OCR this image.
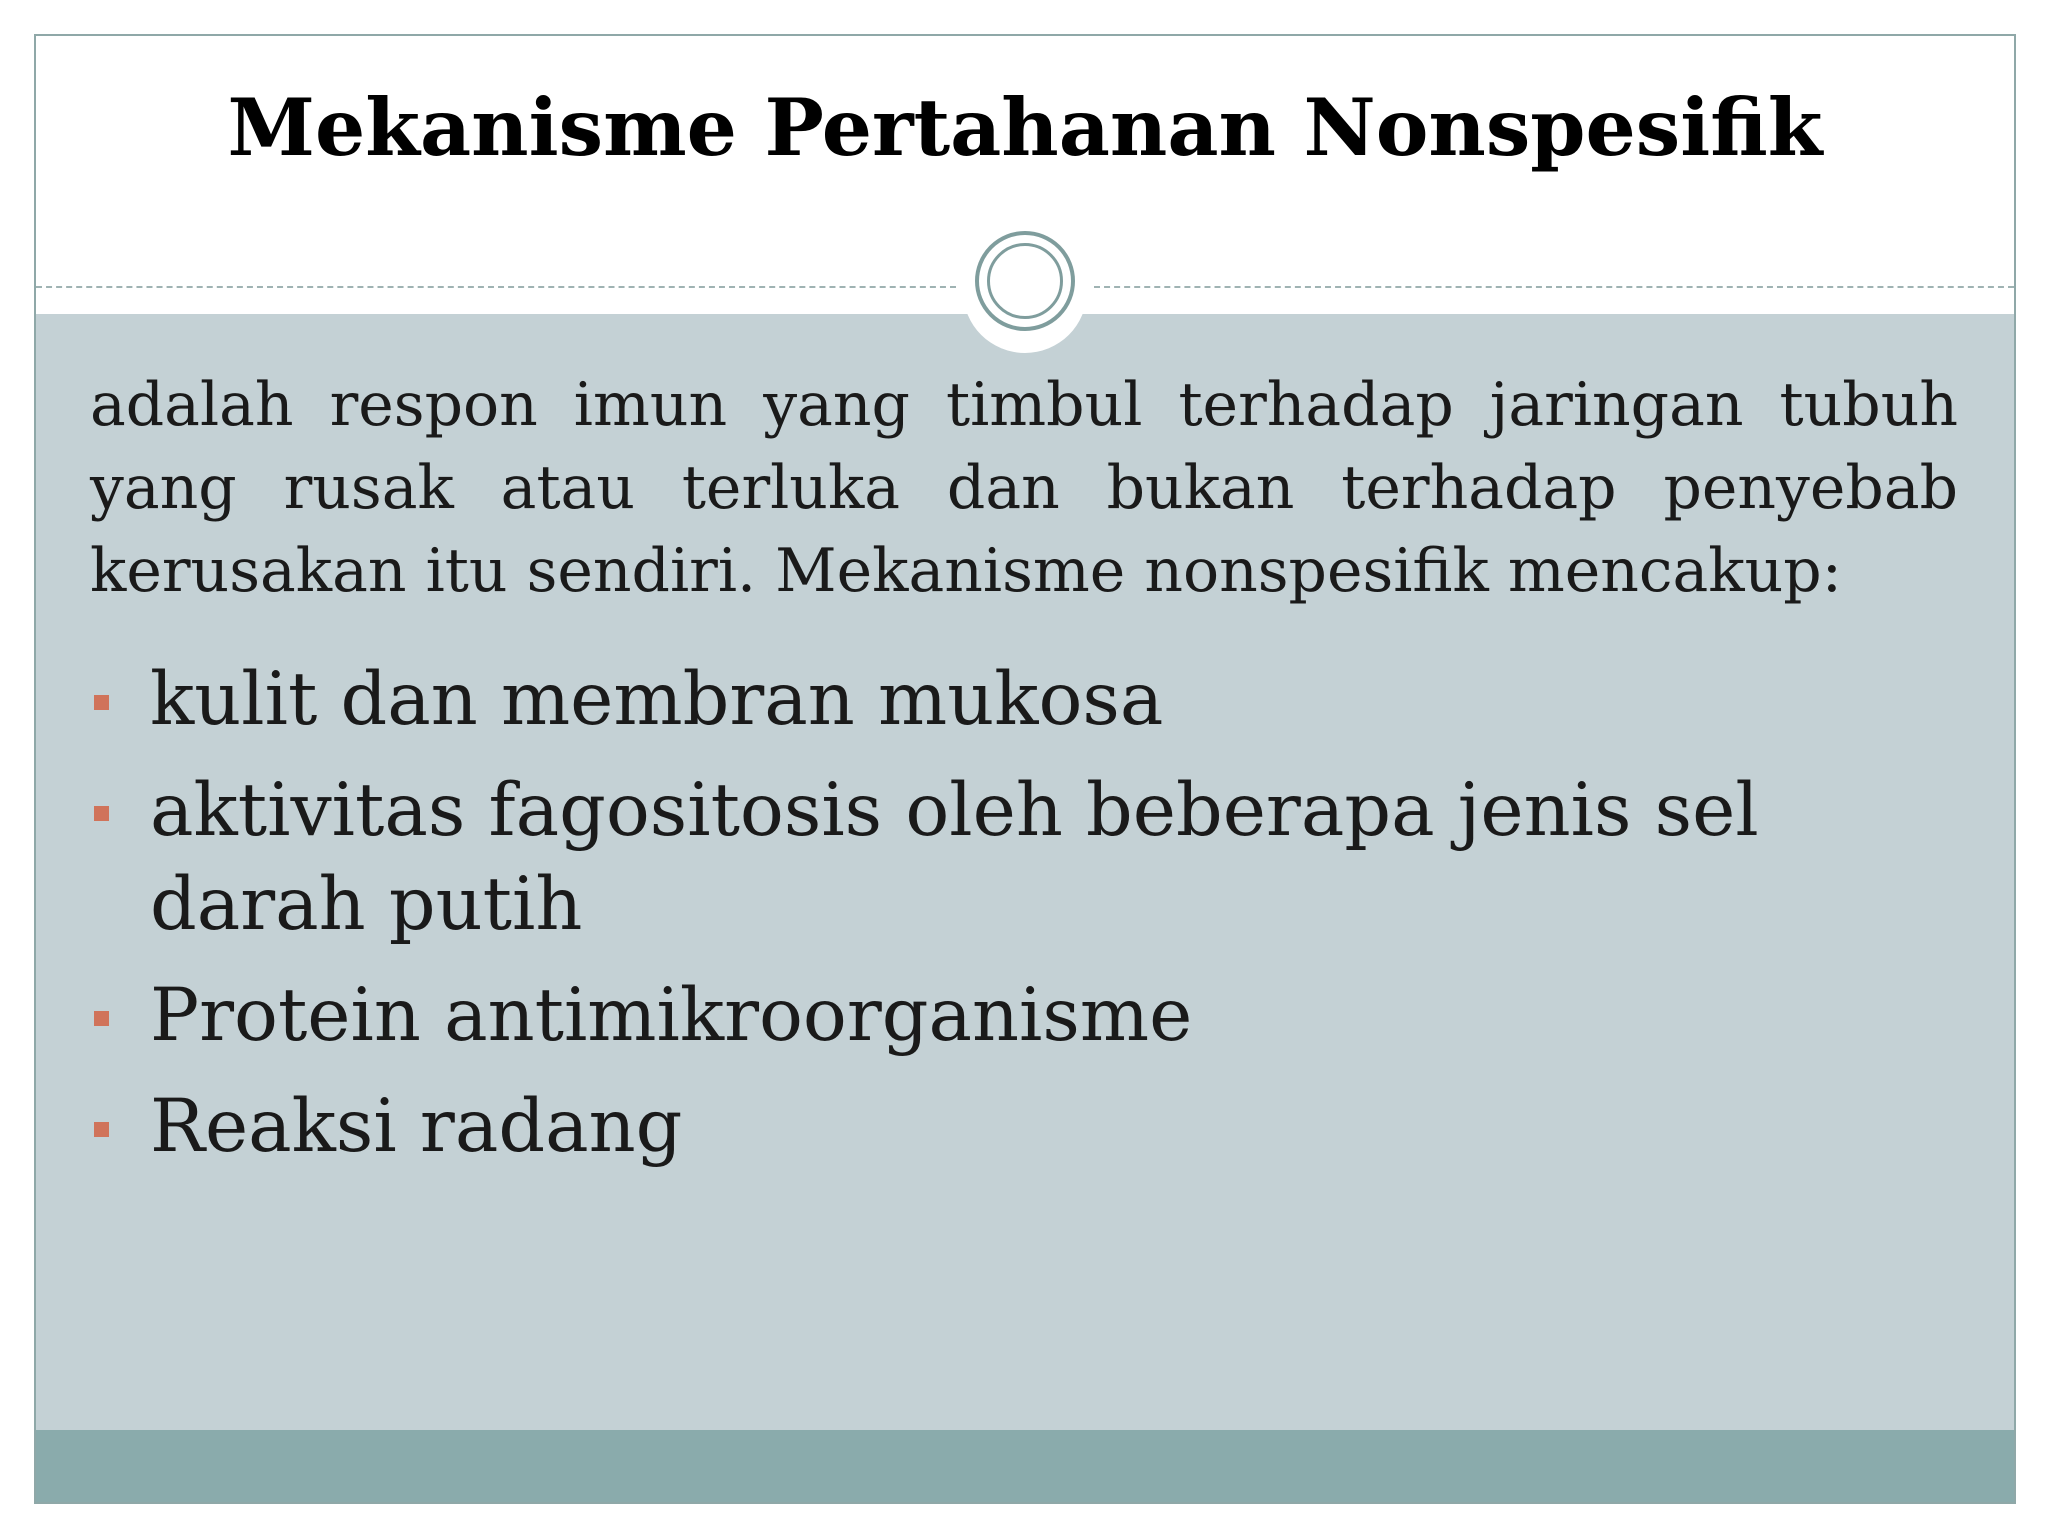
Mekanisme Pertahanan Nonspesifik
adalah respon imun yang timbul terhadap jaringan tubuh yang rusak atau terluka dan bukan terhadap penyebab kerusakan itu sendiri. Mekanisme nonspesifik mencakup:
kulit dan membran mukosa
aktivitas fagositosis oleh beberapa jenis sel darah putih
Protein antimikroorganisme
Reaksi radang
